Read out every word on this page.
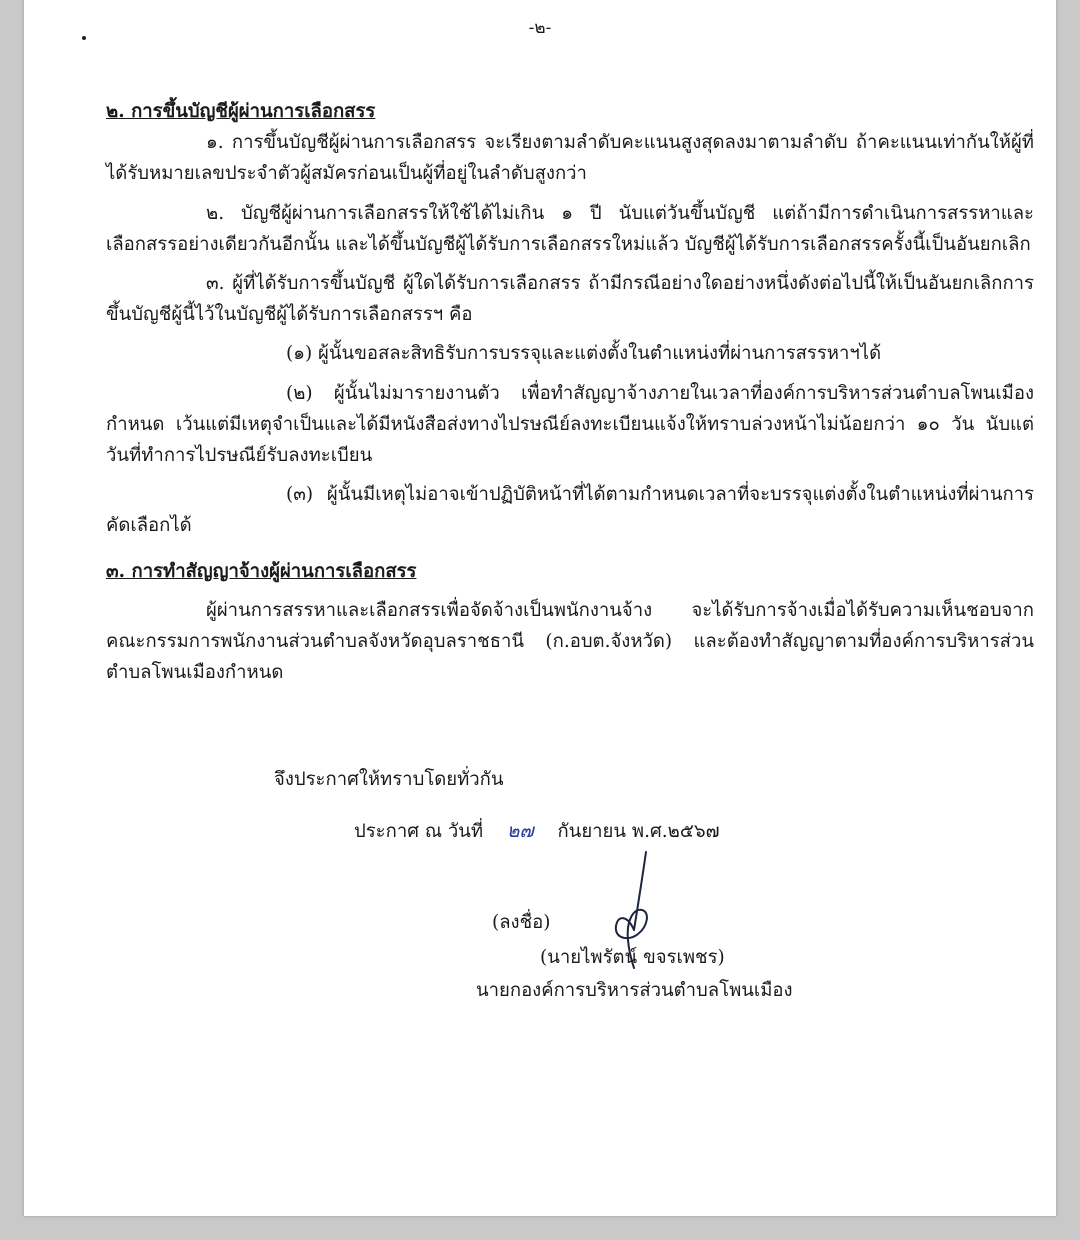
-๒-

๒. การขึ้นบัญชีผู้ผ่านการเลือกสรร

๑. การขึ้นบัญชีผู้ผ่านการเลือกสรร จะเรียงตามลำดับคะแนนสูงสุดลงมาตามลำดับ ถ้าคะแนนเท่ากันให้ผู้ที่ได้รับหมายเลขประจำตัวผู้สมัครก่อนเป็นผู้ที่อยู่ในลำดับสูงกว่า

๒. บัญชีผู้ผ่านการเลือกสรรให้ใช้ได้ไม่เกิน ๑ ปี นับแต่วันขึ้นบัญชี แต่ถ้ามีการดำเนินการสรรหาและเลือกสรรอย่างเดียวกันอีกนั้น และได้ขึ้นบัญชีผู้ได้รับการเลือกสรรใหม่แล้ว บัญชีผู้ได้รับการเลือกสรรครั้งนี้เป็นอันยกเลิก

๓. ผู้ที่ได้รับการขึ้นบัญชี ผู้ใดได้รับการเลือกสรร ถ้ามีกรณีอย่างใดอย่างหนึ่งดังต่อไปนี้ให้เป็นอันยกเลิกการขึ้นบัญชีผู้นี้ไว้ในบัญชีผู้ได้รับการเลือกสรรฯ คือ

(๑) ผู้นั้นขอสละสิทธิรับการบรรจุและแต่งตั้งในตำแหน่งที่ผ่านการสรรหาฯได้

(๒) ผู้นั้นไม่มารายงานตัว เพื่อทำสัญญาจ้างภายในเวลาที่องค์การบริหารส่วนตำบลโพนเมืองกำหนด เว้นแต่มีเหตุจำเป็นและได้มีหนังสือส่งทางไปรษณีย์ลงทะเบียนแจ้งให้ทราบล่วงหน้าไม่น้อยกว่า ๑๐ วัน นับแต่วันที่ทำการไปรษณีย์รับลงทะเบียน

(๓) ผู้นั้นมีเหตุไม่อาจเข้าปฏิบัติหน้าที่ได้ตามกำหนดเวลาที่จะบรรจุแต่งตั้งในตำแหน่งที่ผ่านการคัดเลือกได้

๓. การทำสัญญาจ้างผู้ผ่านการเลือกสรร

ผู้ผ่านการสรรหาและเลือกสรรเพื่อจัดจ้างเป็นพนักงานจ้าง จะได้รับการจ้างเมื่อได้รับความเห็นชอบจากคณะกรรมการพนักงานส่วนตำบลจังหวัดอุบลราชธานี (ก.อบต.จังหวัด) และต้องทำสัญญาตามที่องค์การบริหารส่วนตำบลโพนเมืองกำหนด

จึงประกาศให้ทราบโดยทั่วกัน
ประกาศ ณ วันที่ ๒๗ กันยายน พ.ศ.๒๕๖๗
(ลงชื่อ)
(นายไพรัตน์ ขจรเพชร)
นายกองค์การบริหารส่วนตำบลโพนเมือง
